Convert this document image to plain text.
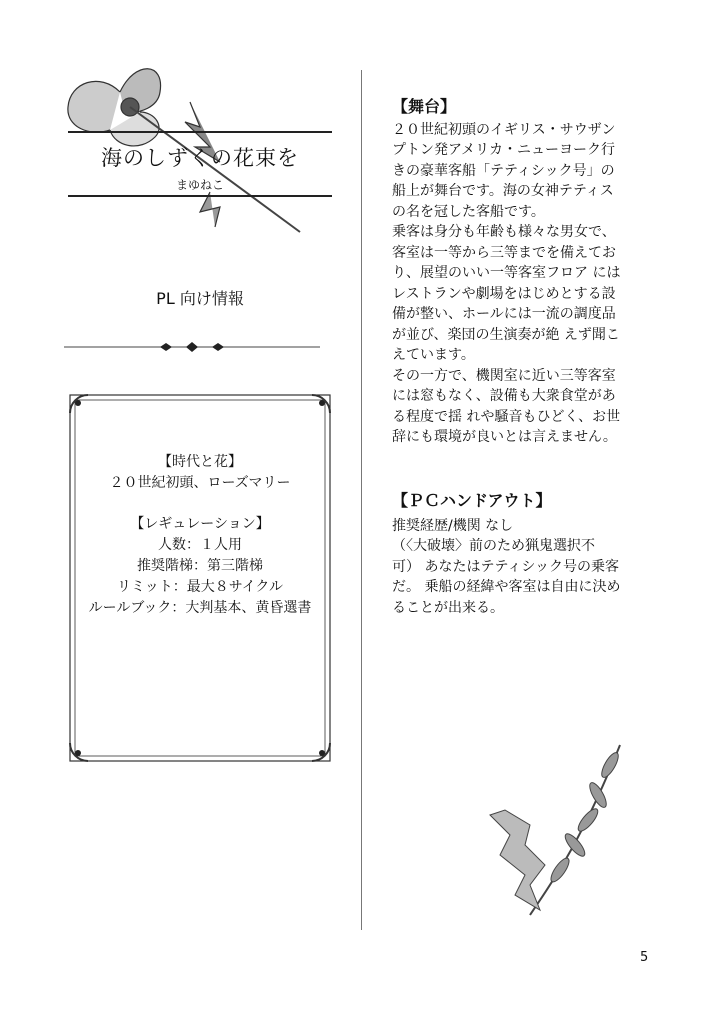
海のしずくの花束を
まゆねこ
PL 向け情報
【時代と花】
２０世紀初頭、ローズマリー
【レギュレーション】
人数：１人用
推奨階梯：第三階梯
リミット：最大８サイクル
ルールブック：大判基本、黄昏選書
【舞台】
２０世紀初頭のイギリス・サウザン
プトン発アメリカ・ニューヨーク行
きの豪華客船「テティシック号」の
船上が舞台です。海の女神テティス
の名を冠した客船です。
乗客は身分も年齢も様々な男女で、
客室は一等から三等までを備えてお
り、展望のいい一等客室フロア には
レストランや劇場をはじめとする設
備が整い、ホールには一流の調度品
が並び、楽団の生演奏が絶 えず聞こ
えています。
その一方で、機関室に近い三等客室
には窓もなく、設備も大衆食堂があ
る程度で揺 れや騒音もひどく、お世
辞にも環境が良いとは言えません。
【ＰＣハンドアウト】
推奨経歴/機関 なし
（〈大破壊〉前のため猟鬼選択不
可） あなたはテティシック号の乗客
だ。 乗船の経緯や客室は自由に決め
ることが出来る。
5
